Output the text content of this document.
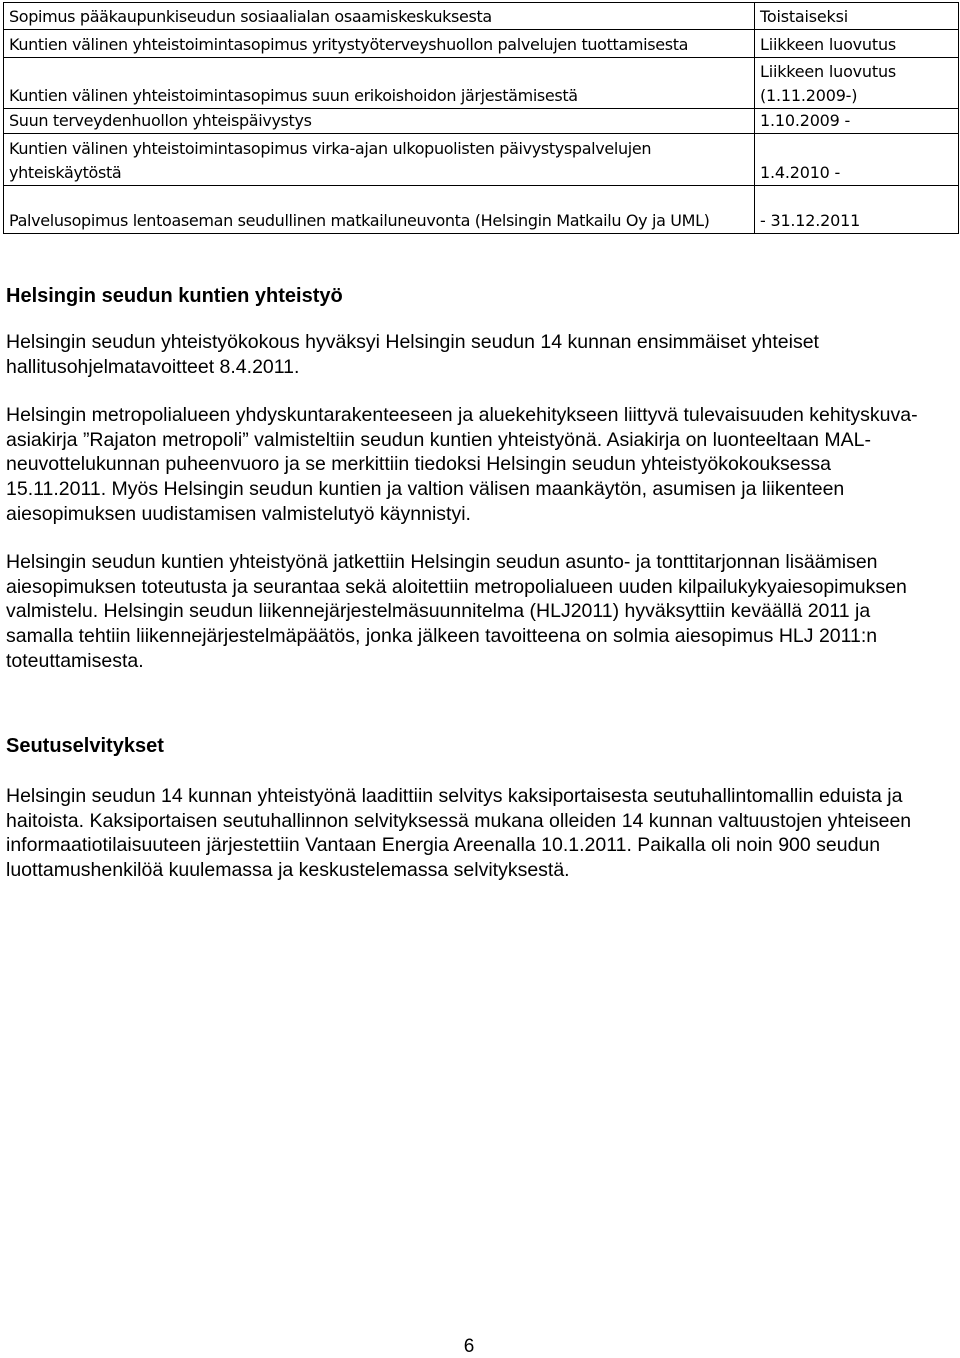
Sopimus pääkaupunkiseudun sosiaalialan osaamiskeskuksesta	Toistaiseksi
Kuntien välinen yhteistoimintasopimus yritystyöterveyshuollon palvelujen tuottamisesta	Liikkeen luovutus
Kuntien välinen yhteistoimintasopimus suun erikoishoidon järjestämisestä	Liikkeen luovutus (1.11.2009-)
Suun terveydenhuollon yhteispäivystys	1.10.2009 -
Kuntien välinen yhteistoimintasopimus virka-ajan ulkopuolisten päivystyspalvelujen yhteiskäytöstä	1.4.2010 -
Palvelusopimus lentoaseman seudullinen matkailuneuvonta (Helsingin Matkailu Oy ja UML)	- 31.12.2011
Helsingin seudun kuntien yhteistyö

Helsingin seudun yhteistyökokous hyväksyi Helsingin seudun 14 kunnan ensimmäiset yhteiset hallitusohjelmatavoitteet 8.4.2011.

Helsingin metropolialueen yhdyskuntarakenteeseen ja aluekehitykseen liittyvä tulevaisuuden kehityskuva-asiakirja ”Rajaton metropoli” valmisteltiin seudun kuntien yhteistyönä. Asiakirja on luonteeltaan MAL-neuvottelukunnan puheenvuoro ja se merkittiin tiedoksi Helsingin seudun yhteistyökokouksessa 15.11.2011. Myös Helsingin seudun kuntien ja valtion välisen maankäytön, asumisen ja liikenteen aiesopimuksen uudistamisen valmistelutyö käynnistyi.

Helsingin seudun kuntien yhteistyönä jatkettiin Helsingin seudun asunto- ja tonttitarjonnan lisäämisen aiesopimuksen toteutusta ja seurantaa sekä aloitettiin metropolialueen uuden kilpailukykyaiesopimuksen valmistelu. Helsingin seudun liikennejärjestelmäsuunnitelma (HLJ2011) hyväksyttiin keväällä 2011 ja samalla tehtiin liikennejärjestelmäpäätös, jonka jälkeen tavoitteena on solmia aiesopimus HLJ 2011:n toteuttamisesta.

Seutuselvitykset

Helsingin seudun 14 kunnan yhteistyönä laadittiin selvitys kaksiportaisesta seutuhallintomallin eduista ja haitoista. Kaksiportaisen seutuhallinnon selvityksessä mukana olleiden 14 kunnan valtuustojen yhteiseen informaatiotilaisuuteen järjestettiin Vantaan Energia Areenalla 10.1.2011. Paikalla oli noin 900 seudun luottamushenkilöä kuulemassa ja keskustelemassa selvityksestä.

6
